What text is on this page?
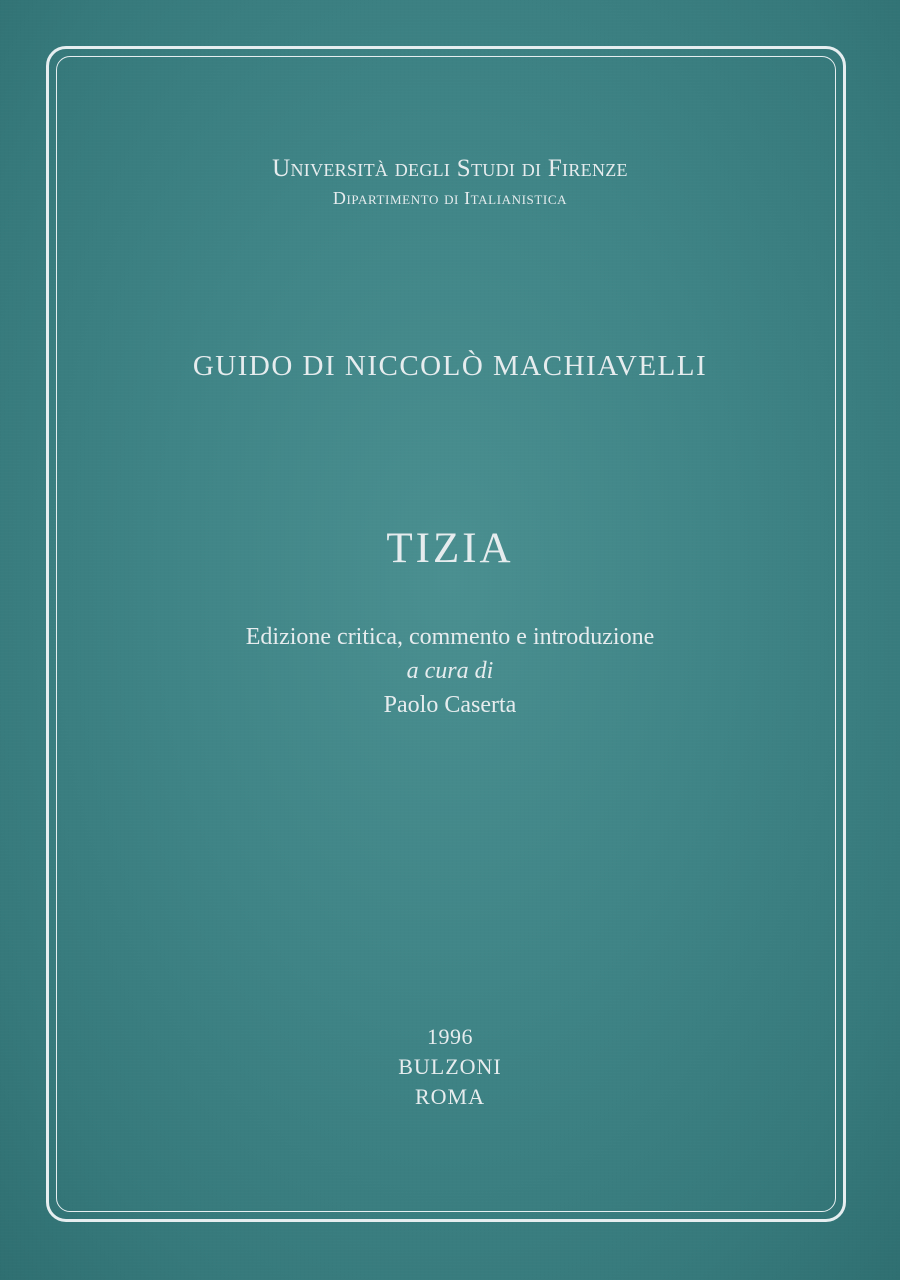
Università degli Studi di Firenze
Dipartimento di Italianistica
GUIDO DI NICCOLÒ MACHIAVELLI
TIZIA
Edizione critica, commento e introduzione
a cura di
Paolo Caserta
1996
BULZONI
ROMA
